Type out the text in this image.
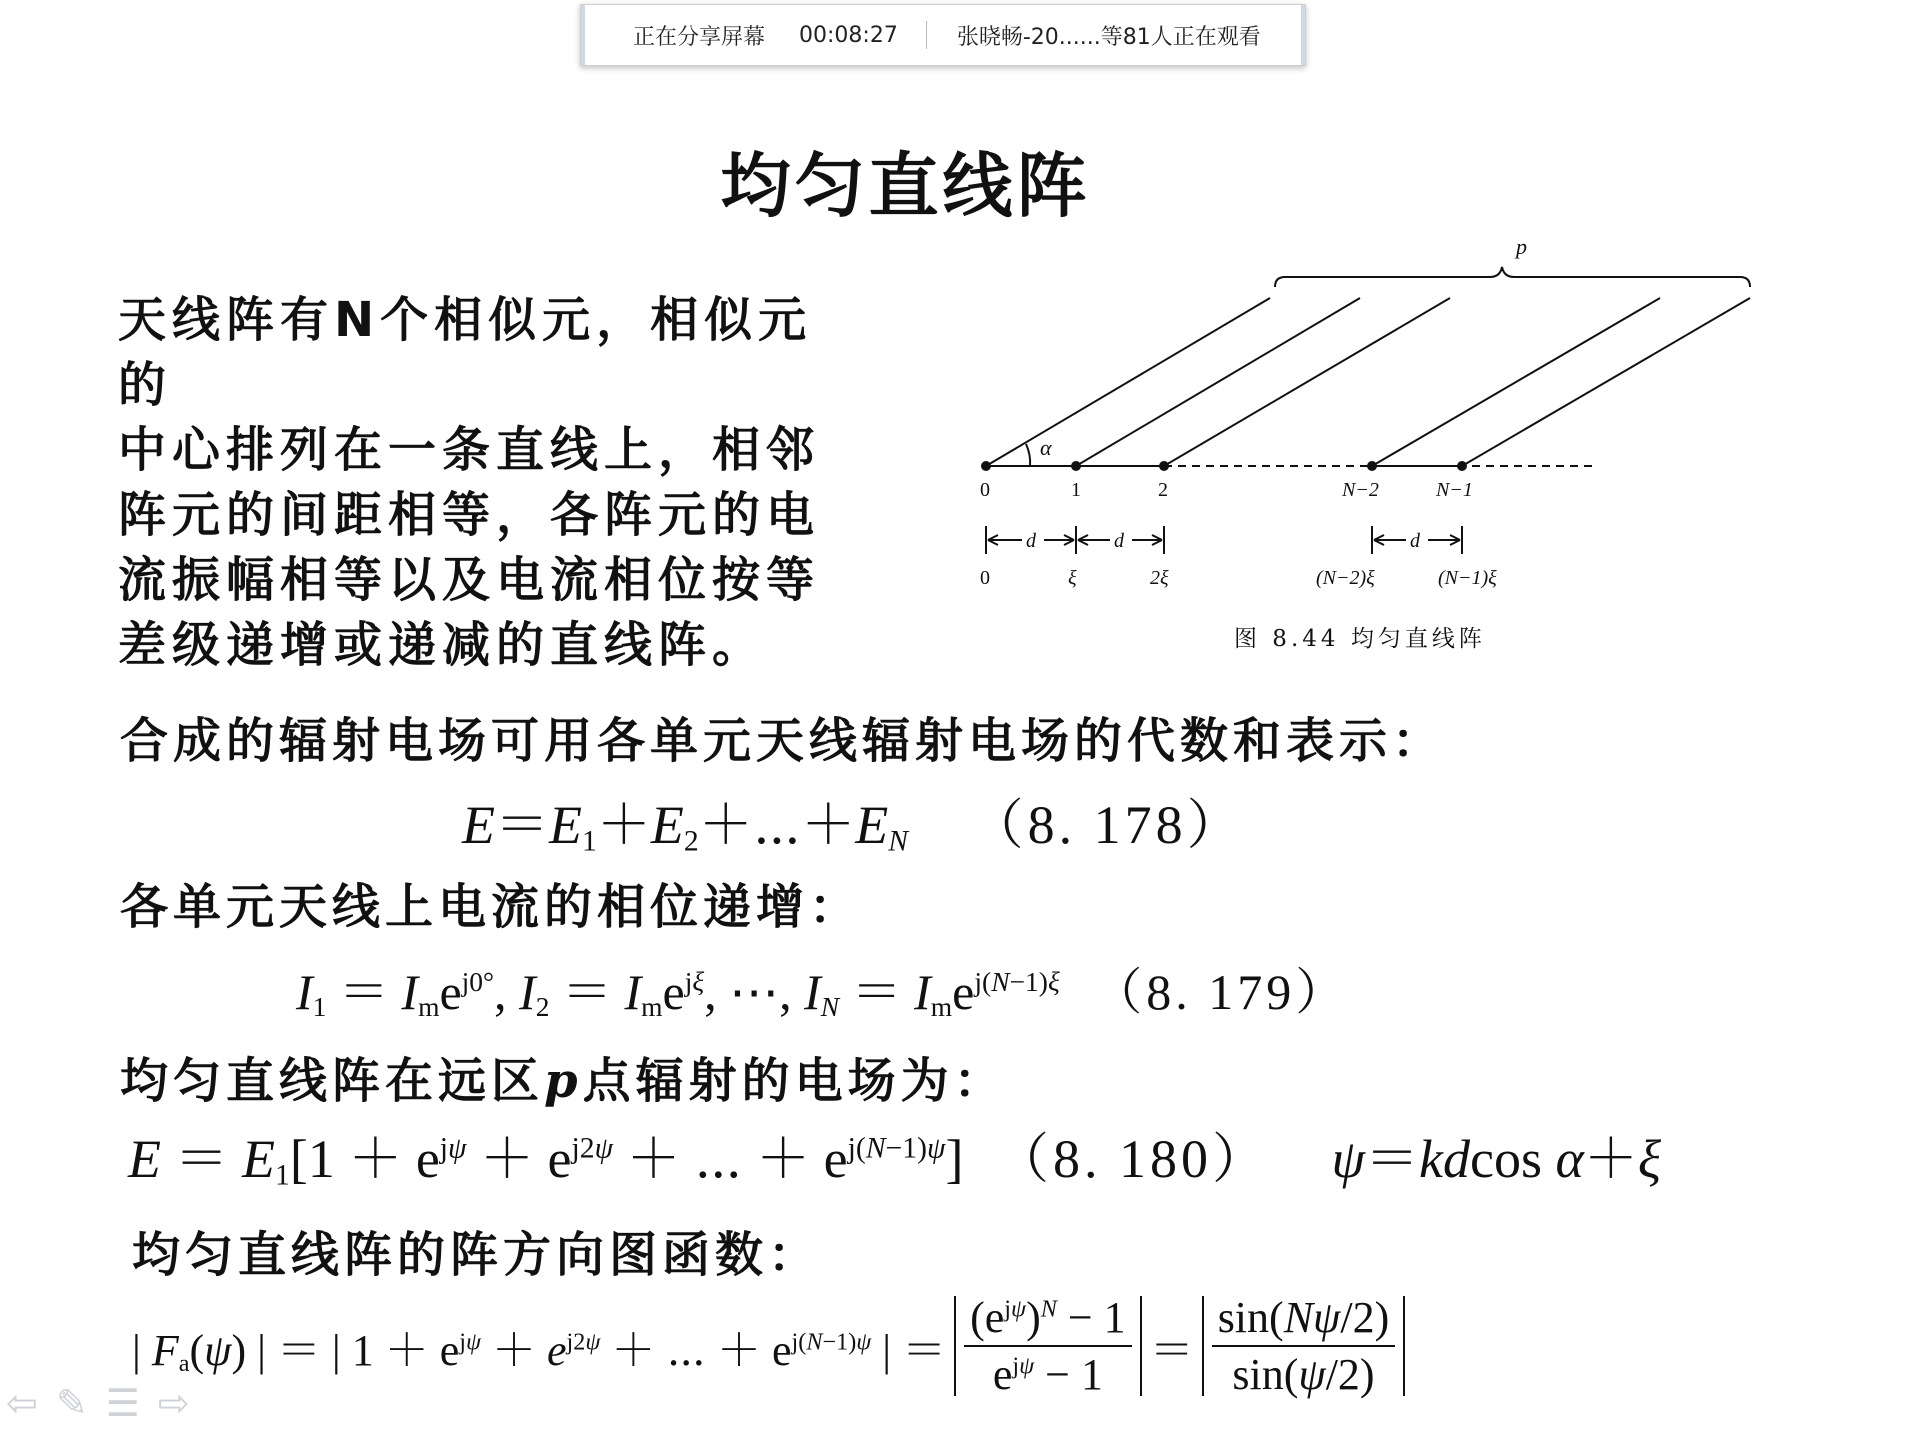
正在分享屏幕 00:08:27	张晓畅-20......等81人正在观看
均匀直线阵
天线阵有N个相似元，相似元的
中心排列在一条直线上，相邻
阵元的间距相等，各阵元的电
流振幅相等以及电流相位按等
差级递增或递减的直线阵。
p
α
0	1	2	N−2	N−1
d	d	d
0	ξ	2ξ	(N−2)ξ	(N−1)ξ
图 8.44 均匀直线阵
合成的辐射电场可用各单元天线辐射电场的代数和表示：
$E=E_1+E_2+\cdots+E_N$ （8. 178）
各单元天线上电流的相位递增：
$I_1 = I_me^{j0^\circ}$, $I_2 = I_me^{j\xi}$, ⋯, $I_N = I_me^{j(N-1)\xi}$ （8. 179）
均匀直线阵在远区p点辐射的电场为：
$E = E_1[1 + e^{j\psi} + e^{j2\psi}$ ＋ ⋯ ＋ $e^{j(N-1)\psi}$] （8. 180） ψ＝kdcos α＋ξ
均匀直线阵的阵方向图函数：
| $F_a(\psi)$ | ＝ | $1 + e^{j\psi} + e^{j2\psi}$ ＋ ⋯ ＋ $e^{j(N-1)\psi}$ | ＝ $\frac{(e^{j\psi})^N - 1}{e^{j\psi} - 1} = \frac{\sin(N\psi/2)}{\sin(\psi/2)}$
⇦ ✎ ☰ ⇨
